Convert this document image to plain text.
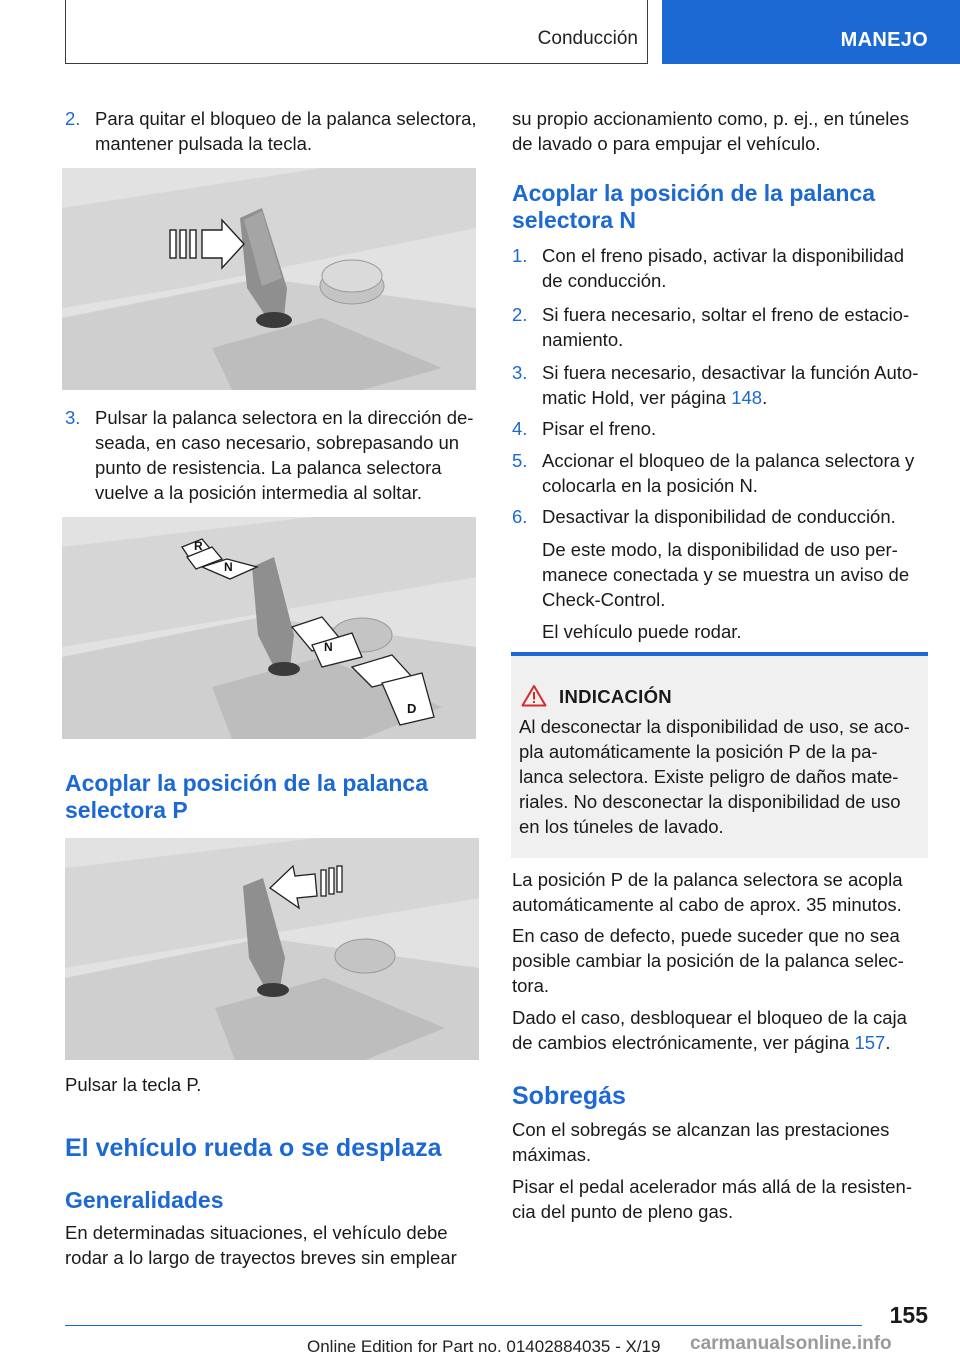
Conducción	MANEJO
2. Para quitar el bloqueo de la palanca selectora,

mantener pulsada la tecla.

3. Pulsar la palanca selectora en la dirección de-

seada, en caso necesario, sobrepasando un

punto de resistencia. La palanca selectora

vuelve a la posición intermedia al soltar.

R
N
N
D

Acoplar la posición de la palanca

selectora P

Pulsar la tecla P.

El vehículo rueda o se desplaza
Generalidades

En determinadas situaciones, el vehículo debe

rodar a lo largo de trayectos breves sin emplear

su propio accionamiento como, p. ej., en túneles

de lavado o para empujar el vehículo.

Acoplar la posición de la palanca

selectora N

1. Con el freno pisado, activar la disponibilidad

de conducción.

2. Si fuera necesario, soltar el freno de estacio-

namiento.

3. Si fuera necesario, desactivar la función Auto-

matic Hold, ver página 148.

4. Pisar el freno.

5. Accionar el bloqueo de la palanca selectora y

colocarla en la posición N.

6. Desactivar la disponibilidad de conducción.

De este modo, la disponibilidad de uso per-

manece conectada y se muestra un aviso de

Check-Control.

El vehículo puede rodar.

INDICACIÓN

Al desconectar la disponibilidad de uso, se aco-

pla automáticamente la posición P de la pa-

lanca selectora. Existe peligro de daños mate-

riales. No desconectar la disponibilidad de uso

en los túneles de lavado.

La posición P de la palanca selectora se acopla

automáticamente al cabo de aprox. 35 minutos.

En caso de defecto, puede suceder que no sea

posible cambiar la posición de la palanca selec-

tora.

Dado el caso, desbloquear el bloqueo de la caja

de cambios electrónicamente, ver página 157.

Sobregás

Con el sobregás se alcanzan las prestaciones

máximas.

Pisar el pedal acelerador más allá de la resisten-

cia del punto de pleno gas.

155
Online Edition for Part no. 01402884035 - X/19 carmanualsonline.info
